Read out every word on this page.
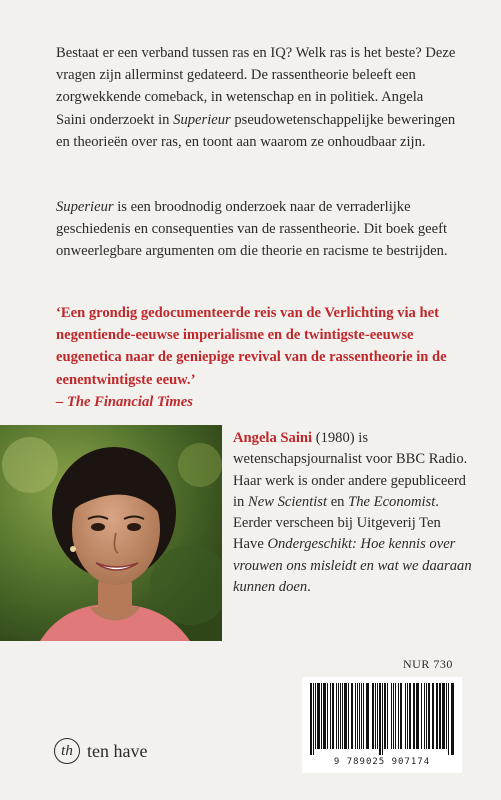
Bestaat er een verband tussen ras en IQ? Welk ras is het beste? Deze vragen zijn allerminst gedateerd. De rassentheorie beleeft een zorgwekkende comeback, in wetenschap en in politiek. Angela Saini onderzoekt in Superieur pseudowetenschappelijke beweringen en theorieën over ras, en toont aan waarom ze onhoudbaar zijn.

Superieur is een broodnodig onderzoek naar de verraderlijke geschiedenis en consequenties van de rassentheorie. Dit boek geeft onweerlegbare argumenten om die theorie en racisme te bestrijden.

‘Een grondig gedocumenteerde reis van de Verlichting via het negentiende-eeuwse imperialisme en de twintigste-eeuwse eugenetica naar de geniepige revival van de rassentheorie in de eenentwintigste eeuw.’
– The Financial Times

Angela Saini (1980) is wetenschapsjournalist voor BBC Radio. Haar werk is onder andere gepubliceerd in New Scientist en The Economist. Eerder verscheen bij Uitgeverij Ten Have Ondergeschikt: Hoe kennis over vrouwen ons misleidt en wat we daaraan kunnen doen.

NUR 730
9 789025 907174
th ten have
